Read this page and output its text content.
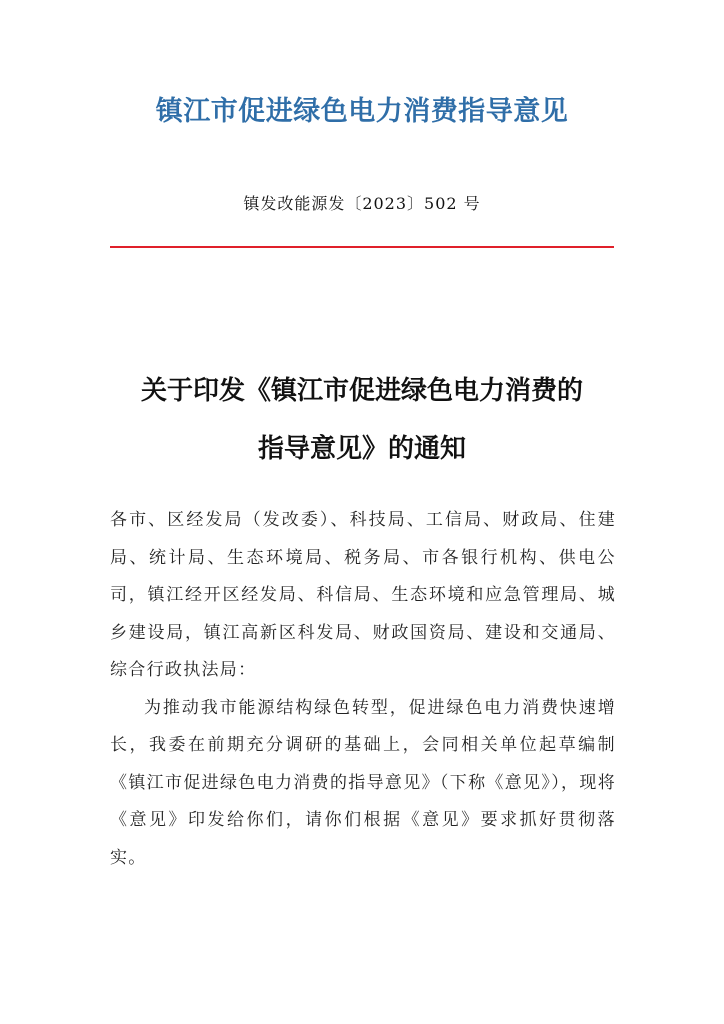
镇江市促进绿色电力消费指导意见
镇发改能源发〔2023〕502 号
关于印发《镇江市促进绿色电力消费的
指导意见》的通知

各市、区经发局（发改委）、科技局、工信局、财政局、住建局、统计局、生态环境局、税务局、市各银行机构、供电公司，镇江经开区经发局、科信局、生态环境和应急管理局、城乡建设局，镇江高新区科发局、财政国资局、建设和交通局、综合行政执法局：

为推动我市能源结构绿色转型，促进绿色电力消费快速增长，我委在前期充分调研的基础上，会同相关单位起草编制《镇江市促进绿色电力消费的指导意见》（下称《意见》），现将《意见》印发给你们，请你们根据《意见》要求抓好贯彻落实。
